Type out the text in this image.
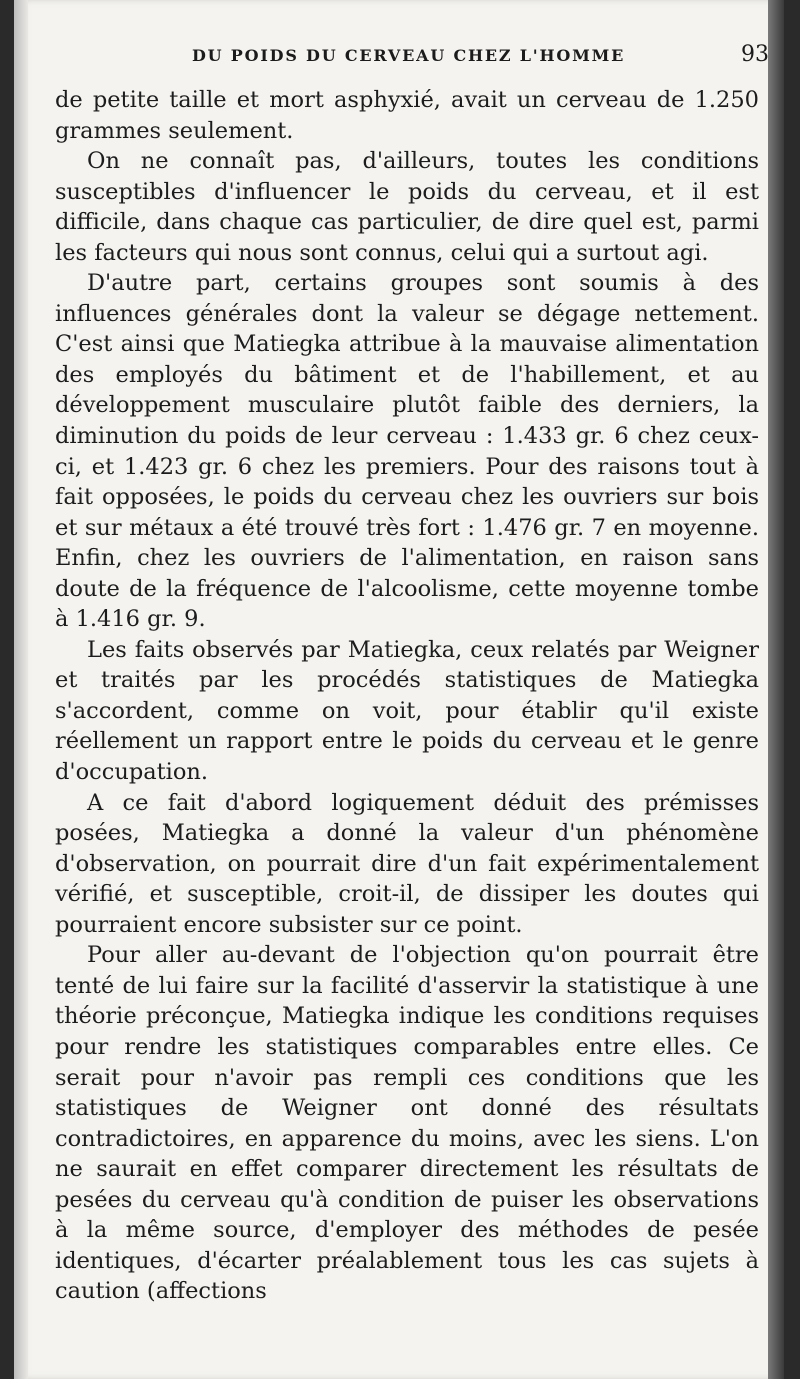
DU POIDS DU CERVEAU CHEZ L'HOMME	93

de petite taille et mort asphyxié, avait un cerveau de 1.250 grammes seulement.

On ne connaît pas, d'ailleurs, toutes les conditions susceptibles d'influencer le poids du cerveau, et il est difficile, dans chaque cas particulier, de dire quel est, parmi les facteurs qui nous sont connus, celui qui a surtout agi.

D'autre part, certains groupes sont soumis à des influences générales dont la valeur se dégage nettement. C'est ainsi que Matiegka attribue à la mauvaise alimentation des employés du bâtiment et de l'habillement, et au développement musculaire plutôt faible des derniers, la diminution du poids de leur cerveau : 1.433 gr. 6 chez ceux-ci, et 1.423 gr. 6 chez les premiers. Pour des raisons tout à fait opposées, le poids du cerveau chez les ouvriers sur bois et sur métaux a été trouvé très fort : 1.476 gr. 7 en moyenne. Enfin, chez les ouvriers de l'alimentation, en raison sans doute de la fréquence de l'alcoolisme, cette moyenne tombe à 1.416 gr. 9.

Les faits observés par Matiegka, ceux relatés par Weigner et traités par les procédés statistiques de Matiegka s'accordent, comme on voit, pour établir qu'il existe réellement un rapport entre le poids du cerveau et le genre d'occupation.

A ce fait d'abord logiquement déduit des prémisses posées, Matiegka a donné la valeur d'un phénomène d'observation, on pourrait dire d'un fait expérimentalement vérifié, et susceptible, croit-il, de dissiper les doutes qui pourraient encore subsister sur ce point.

Pour aller au-devant de l'objection qu'on pourrait être tenté de lui faire sur la facilité d'asservir la statistique à une théorie préconçue, Matiegka indique les conditions requises pour rendre les statistiques comparables entre elles. Ce serait pour n'avoir pas rempli ces conditions que les statistiques de Weigner ont donné des résultats contradictoires, en apparence du moins, avec les siens. L'on ne saurait en effet comparer directement les résultats de pesées du cerveau qu'à condition de puiser les observations à la même source, d'employer des méthodes de pesée identiques, d'écarter préalablement tous les cas sujets à caution (affections
